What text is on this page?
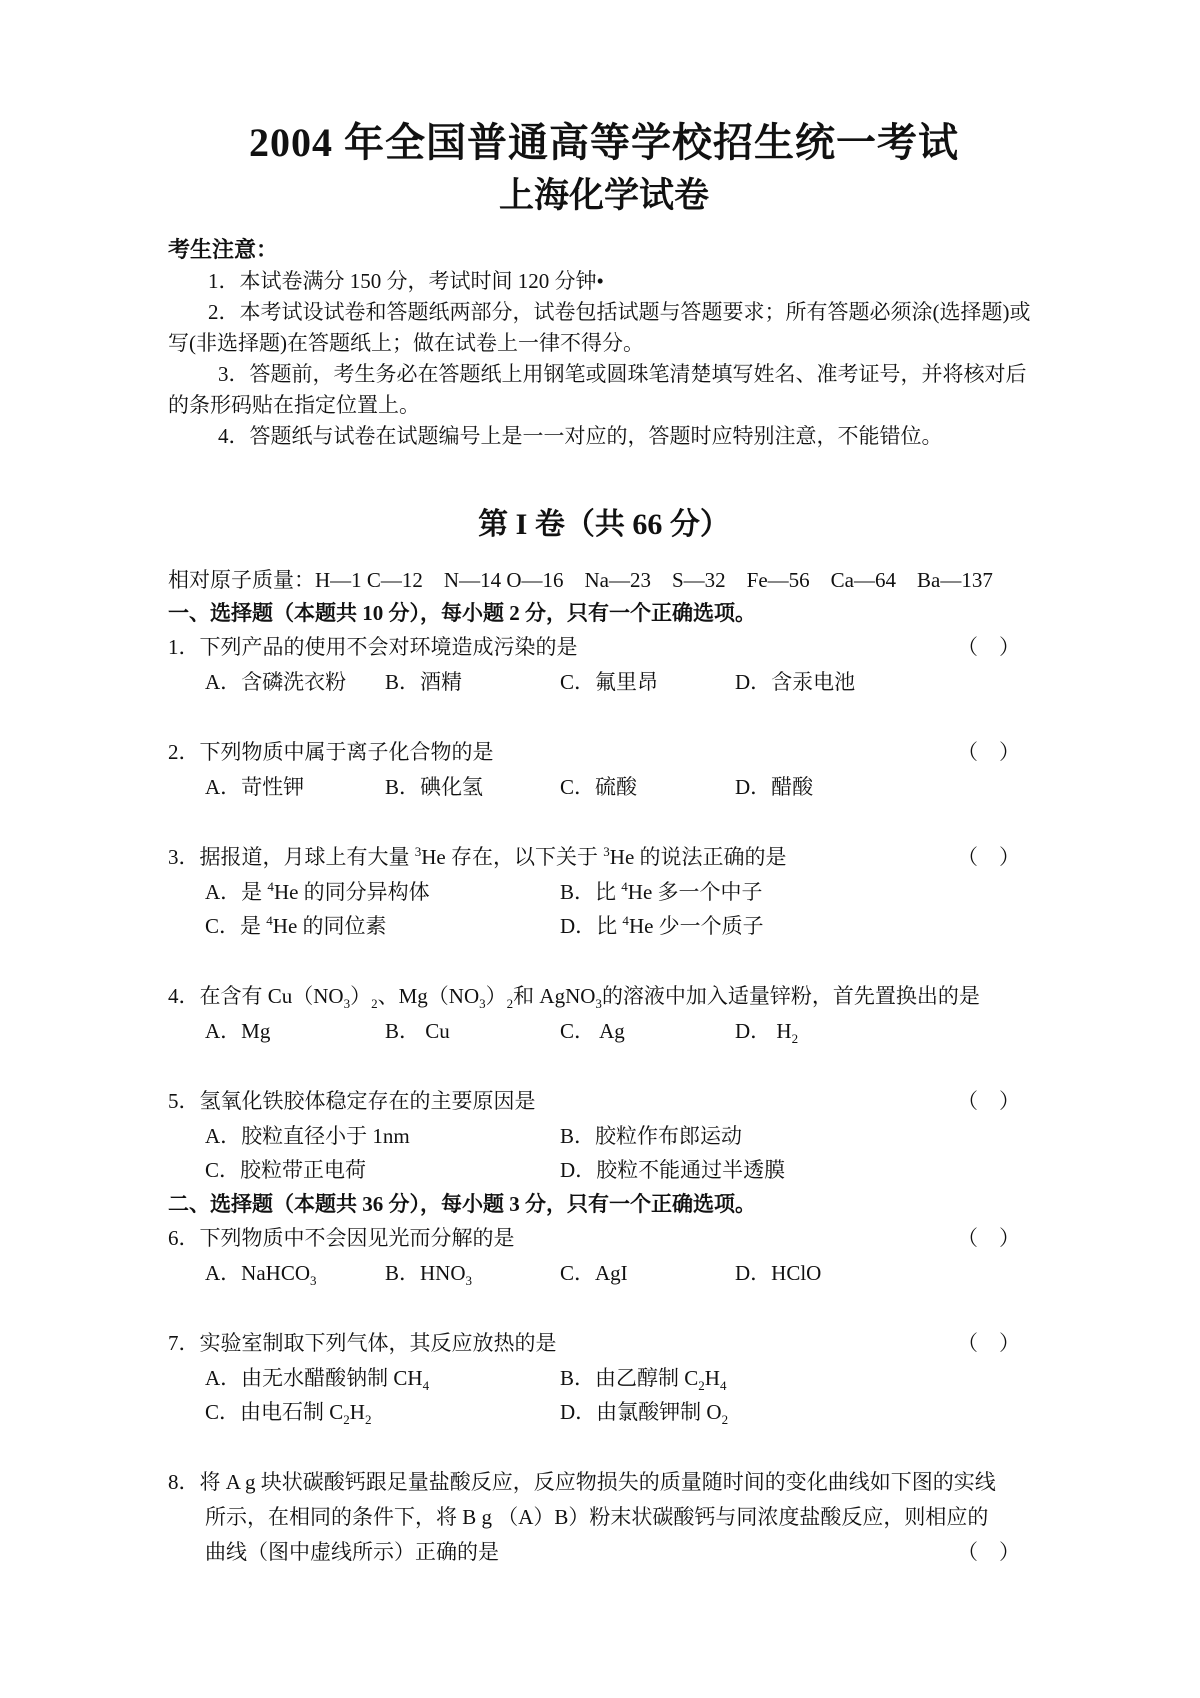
2004 年全国普通高等学校招生统一考试
上海化学试卷
考生注意：

1．本试卷满分 150 分，考试时间 120 分钟•

2．本考试设试卷和答题纸两部分，试卷包括试题与答题要求；所有答题必须涂(选择题)或写(非选择题)在答题纸上；做在试卷上一律不得分。

3．答题前，考生务必在答题纸上用钢笔或圆珠笔清楚填写姓名、准考证号，并将核对后的条形码贴在指定位置上。

4．答题纸与试卷在试题编号上是一一对应的，答题时应特别注意，不能错位。

第 I 卷（共 66 分）
相对原子质量：H—1 C—12　N—14 O—16　Na—23　S—32　Fe—56　Ca—64　Ba—137
一、选择题（本题共 10 分），每小题 2 分，只有一个正确选项。
1．下列产品的使用不会对环境造成污染的是	（　）
A．含磷洗衣粉	B．酒精	C．氟里昂	D．含汞电池
2．下列物质中属于离子化合物的是	（　）
A．苛性钾	B．碘化氢	C．硫酸	D．醋酸
3．据报道，月球上有大量 $^3$He 存在，以下关于 $^3$He 的说法正确的是	（　）
A．是 $^4$He 的同分异构体	B．比 $^4$He 多一个中子
C．是 $^4$He 的同位素	D．比 $^4$He 少一个质子
4．在含有 $Cu(NO_3)_2$、$Mg(NO_3)_2$和 AgNO$_3$的溶液中加入适量锌粉，首先置换出的是
A．Mg	B． Cu	C． Ag	D． $H_2$
5．氢氧化铁胶体稳定存在的主要原因是	（　）
A．胶粒直径小于 1nm	B．胶粒作布郎运动
C．胶粒带正电荷	D．胶粒不能通过半透膜
二、选择题（本题共 36 分），每小题 3 分，只有一个正确选项。
6．下列物质中不会因见光而分解的是	（　）
A．NaHCO$_3$	B．$HNO_3$	C．AgI	D．HClO
7．实验室制取下列气体，其反应放热的是	（　）
A．由无水醋酸钠制 $CH_4$	B．由乙醇制 $C_2H_4$
C．由电石制 $C_2H_2$	D．由氯酸钾制 $O_2$
8．将 A g 块状碳酸钙跟足量盐酸反应，反应物损失的质量随时间的变化曲线如下图的实线
所示，在相同的条件下，将 B g （A）B）粉末状碳酸钙与同浓度盐酸反应，则相应的
曲线（图中虚线所示）正确的是	（　）
